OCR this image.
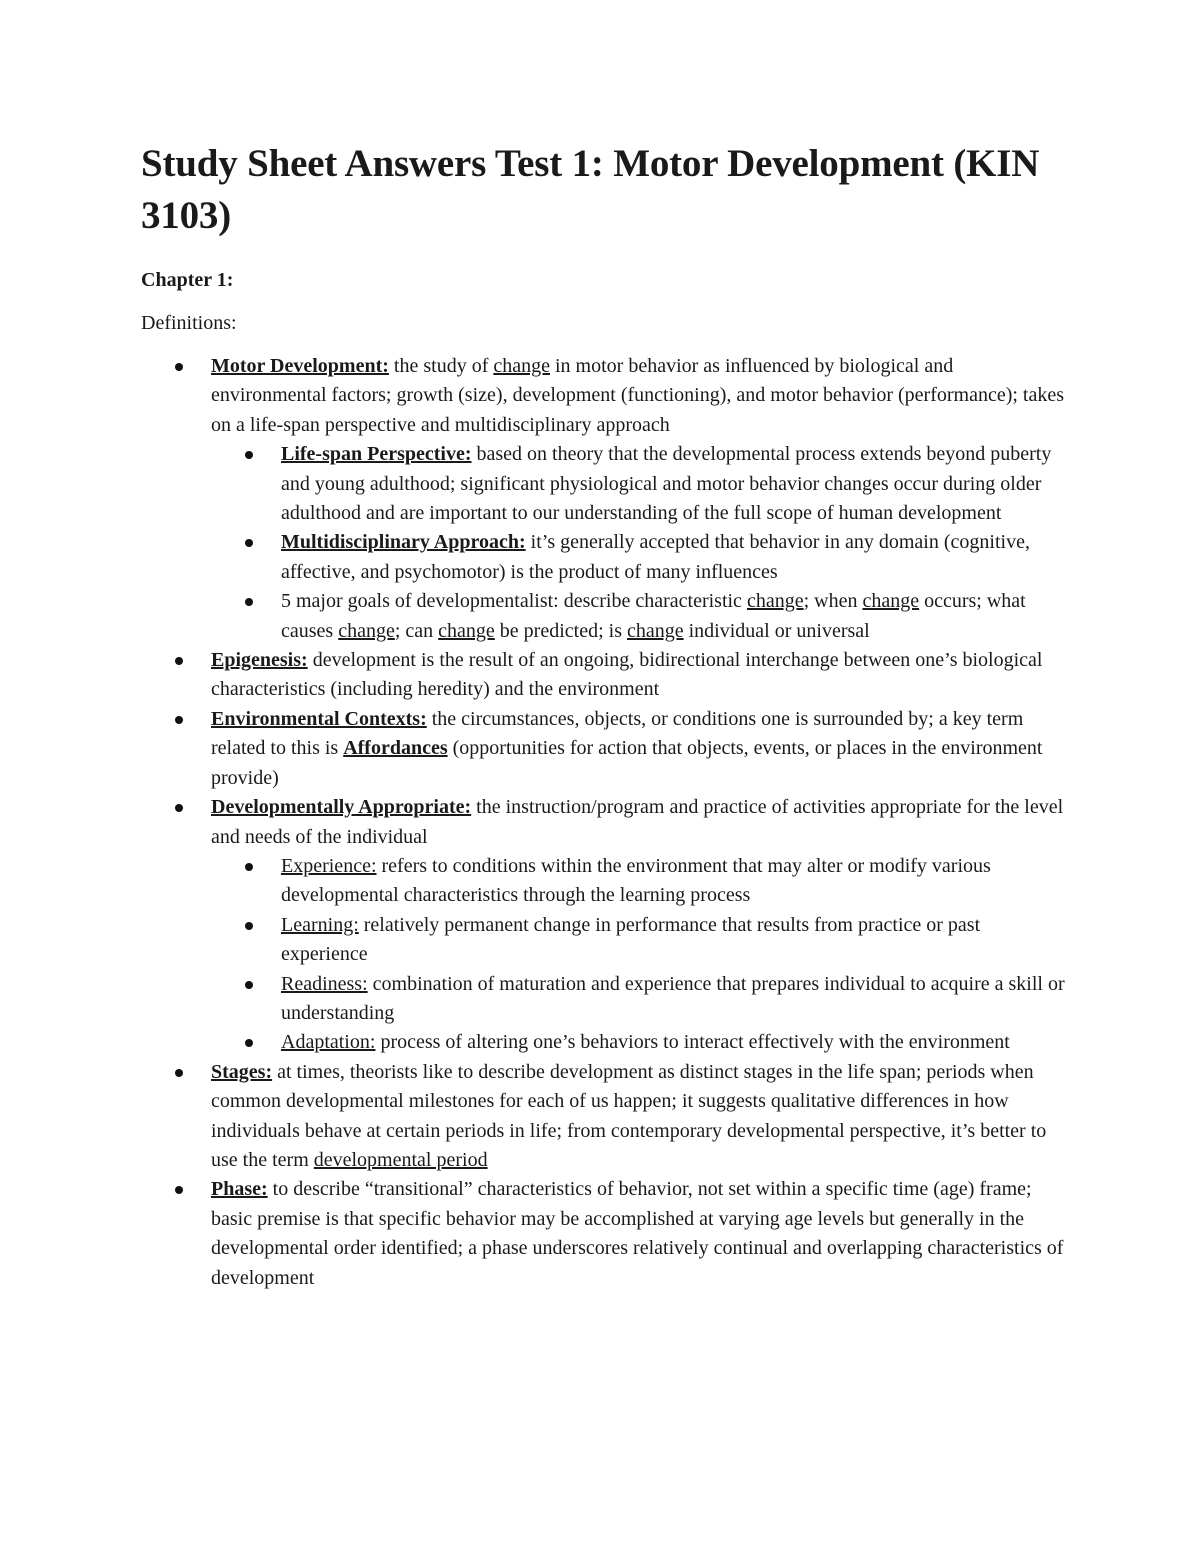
Study Sheet Answers Test 1: Motor Development (KIN 3103)
Chapter 1:
Definitions:
Motor Development: the study of change in motor behavior as influenced by biological and environmental factors; growth (size), development (functioning), and motor behavior (performance); takes on a life-span perspective and multidisciplinary approach
Life-span Perspective: based on theory that the developmental process extends beyond puberty and young adulthood; significant physiological and motor behavior changes occur during older adulthood and are important to our understanding of the full scope of human development
Multidisciplinary Approach: it’s generally accepted that behavior in any domain (cognitive, affective, and psychomotor) is the product of many influences
5 major goals of developmentalist: describe characteristic change; when change occurs; what causes change; can change be predicted; is change individual or universal
Epigenesis: development is the result of an ongoing, bidirectional interchange between one’s biological characteristics (including heredity) and the environment
Environmental Contexts: the circumstances, objects, or conditions one is surrounded by; a key term related to this is Affordances (opportunities for action that objects, events, or places in the environment provide)
Developmentally Appropriate: the instruction/program and practice of activities appropriate for the level and needs of the individual
Experience: refers to conditions within the environment that may alter or modify various developmental characteristics through the learning process
Learning: relatively permanent change in performance that results from practice or past experience
Readiness: combination of maturation and experience that prepares individual to acquire a skill or understanding
Adaptation: process of altering one’s behaviors to interact effectively with the environment
Stages: at times, theorists like to describe development as distinct stages in the life span; periods when common developmental milestones for each of us happen; it suggests qualitative differences in how individuals behave at certain periods in life; from contemporary developmental perspective, it’s better to use the term developmental period
Phase: to describe “transitional” characteristics of behavior, not set within a specific time (age) frame; basic premise is that specific behavior may be accomplished at varying age levels but generally in the developmental order identified; a phase underscores relatively continual and overlapping characteristics of development
